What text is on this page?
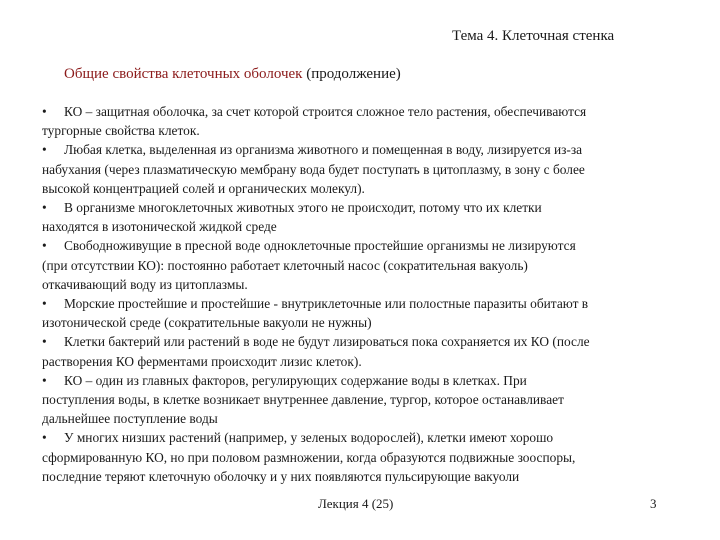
Тема 4. Клеточная стенка
Общие свойства клеточных оболочек (продолжение)

• КО – защитная оболочка, за счет которой строится сложное тело растения, обеспечиваются
тургорные свойства клеток.

• Любая клетка, выделенная из организма животного и помещенная в воду, лизируется из-за
набухания (через плазматическую мембрану вода будет поступать в цитоплазму, в зону с более
высокой концентрацией солей и органических молекул).

• В организме многоклеточных животных этого не происходит, потому что их клетки
находятся в изотонической жидкой среде

• Свободноживущие в пресной воде одноклеточные простейшие организмы не лизируются
(при отсутствии КО): постоянно работает клеточный насос (сократительная вакуоль)
откачивающий воду из цитоплазмы.

• Морские простейшие и простейшие - внутриклеточные или полостные паразиты обитают в
изотонической среде (сократительные вакуоли не нужны)

• Клетки бактерий или растений в воде не будут лизироваться пока сохраняется их КО (после
растворения КО ферментами происходит лизис клеток).

• КО – один из главных факторов, регулирующих содержание воды в клетках. При
поступления воды, в клетке возникает внутреннее давление, тургор, которое останавливает
дальнейшее поступление воды

• У многих низших растений (например, у зеленых водорослей), клетки имеют хорошо
сформированную КО, но при половом размножении, когда образуются подвижные зооспоры,
последние теряют клеточную оболочку и у них появляются пульсирующие вакуоли

Лекция 4 (25)	3
